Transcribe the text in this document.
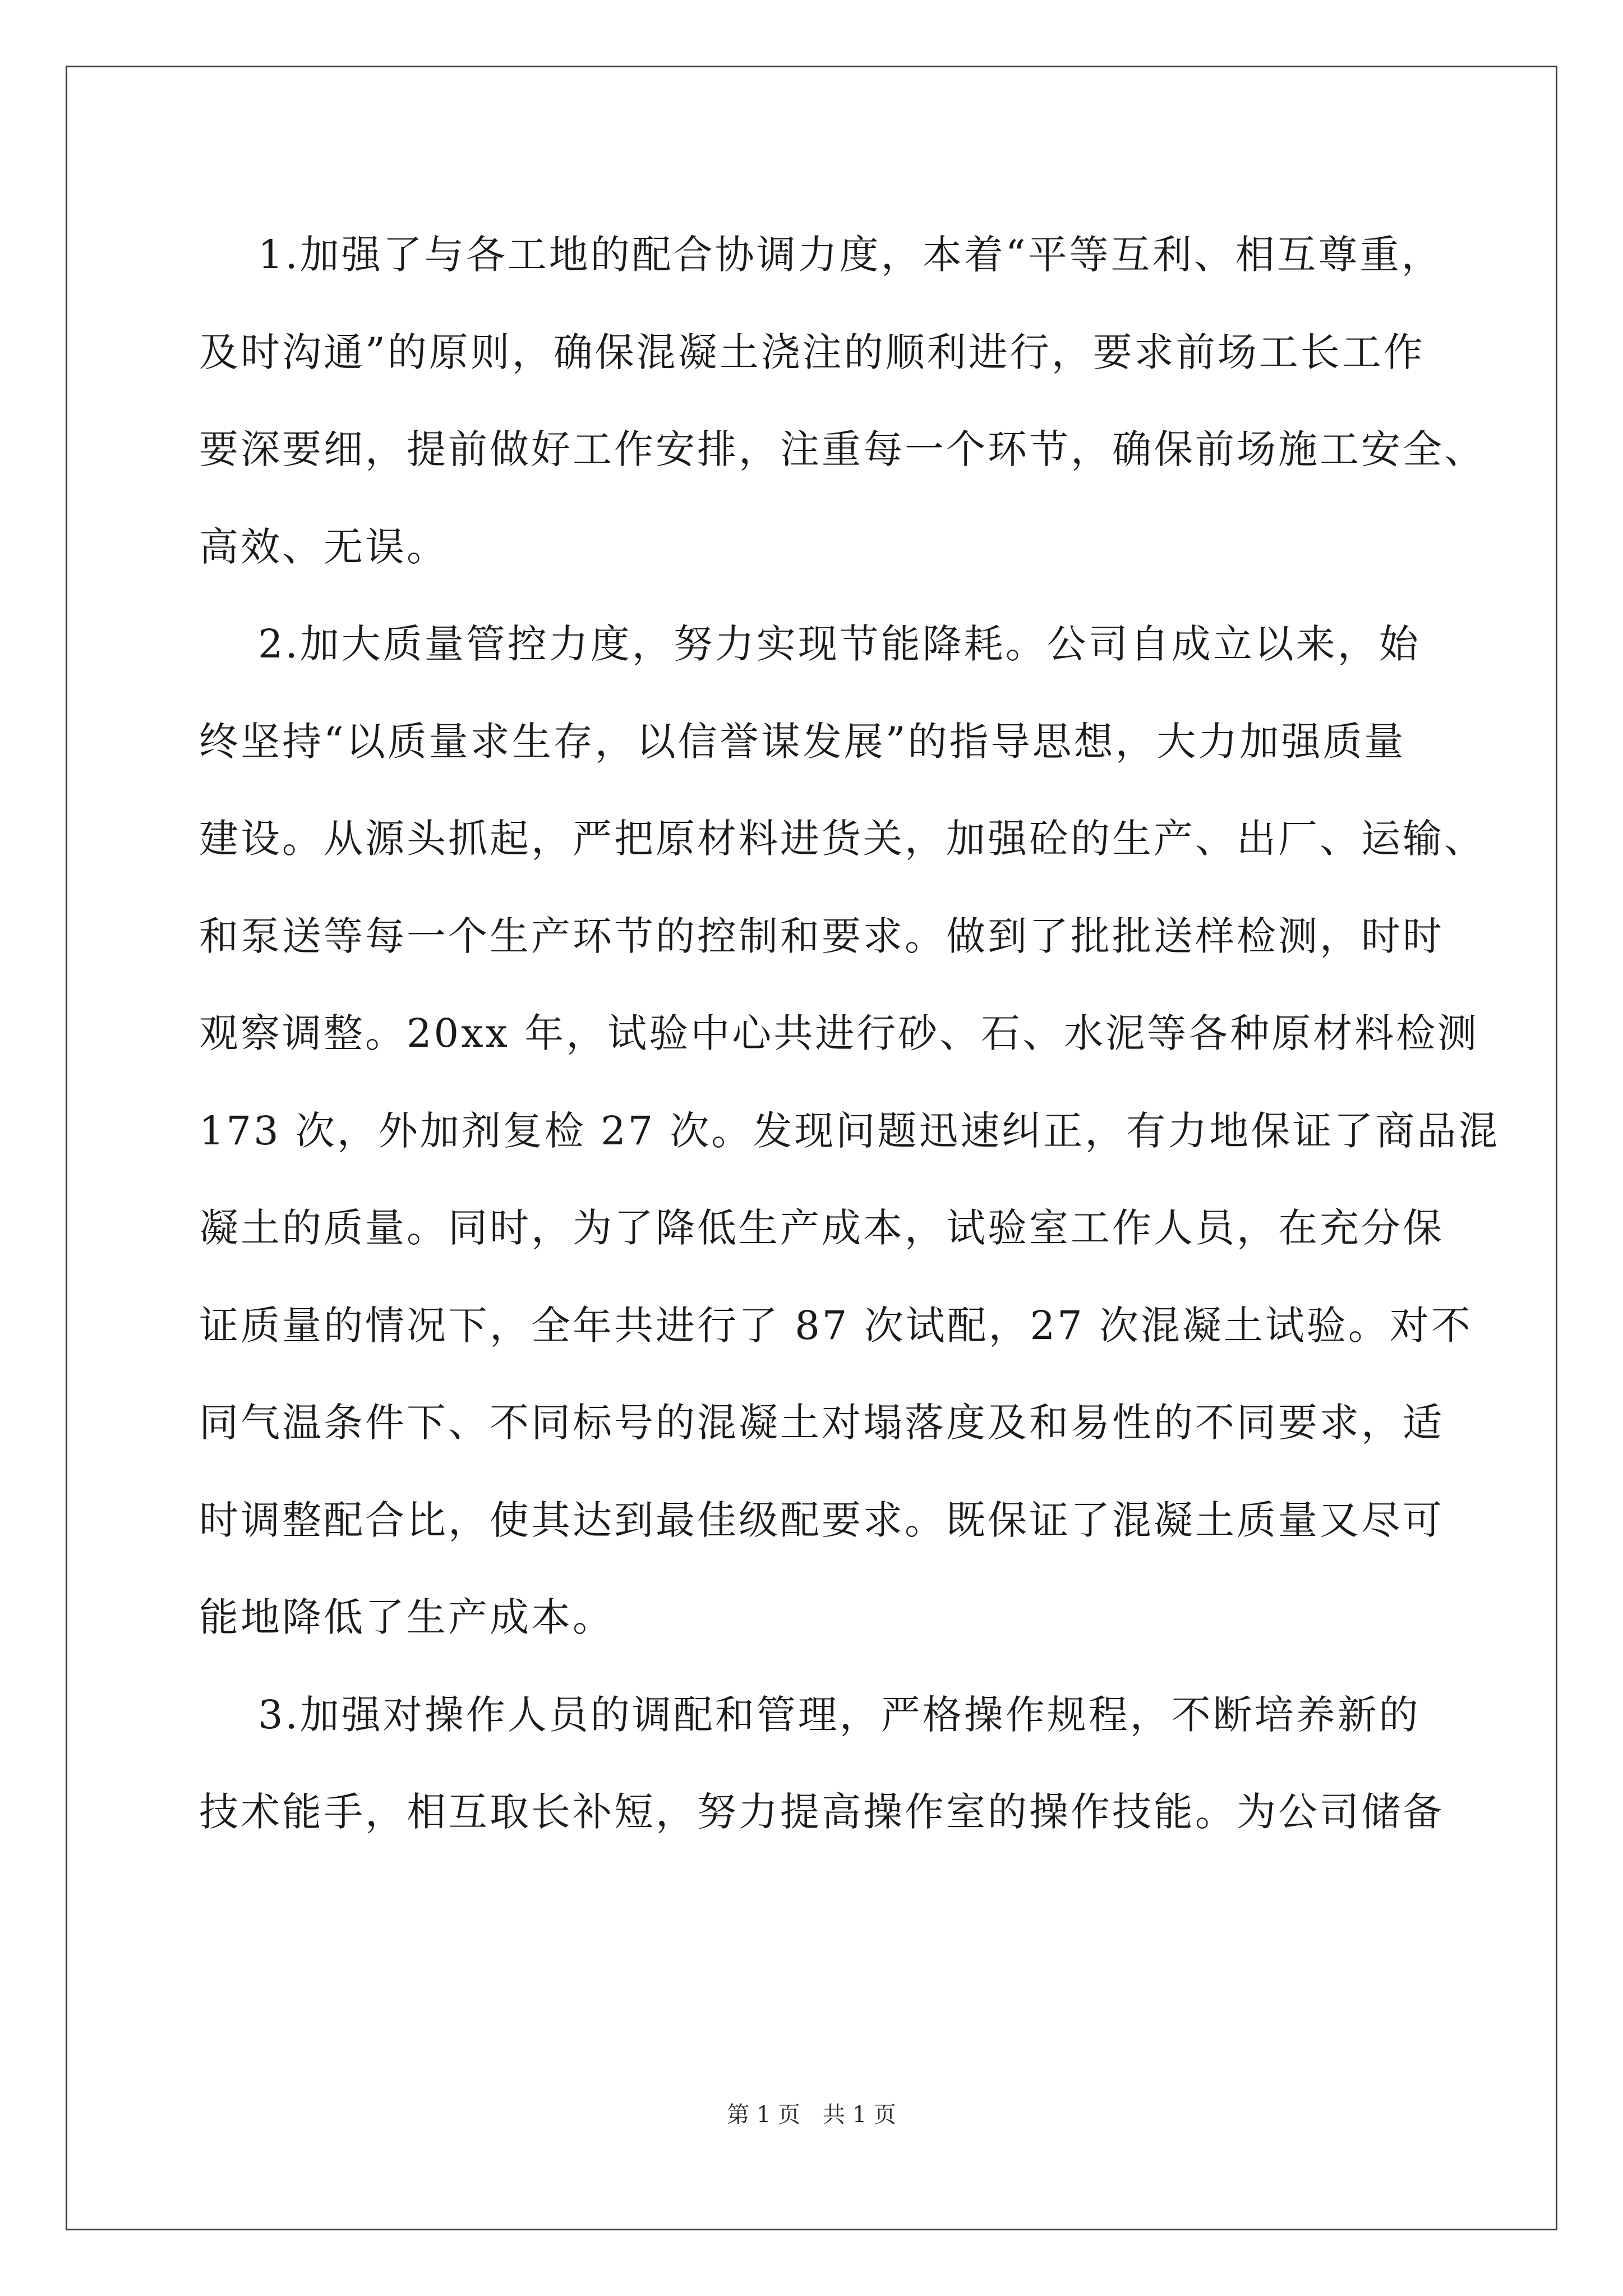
1.加强了与各工地的配合协调力度，本着“平等互利、相互尊重，
及时沟通”的原则，确保混凝土浇注的顺利进行，要求前场工长工作
要深要细，提前做好工作安排，注重每一个环节，确保前场施工安全、
高效、无误。
2.加大质量管控力度，努力实现节能降耗。公司自成立以来，始
终坚持“以质量求生存，以信誉谋发展”的指导思想，大力加强质量
建设。从源头抓起，严把原材料进货关，加强砼的生产、出厂、运输、
和泵送等每一个生产环节的控制和要求。做到了批批送样检测，时时
观察调整。20xx 年，试验中心共进行砂、石、水泥等各种原材料检测
173 次，外加剂复检 27 次。发现问题迅速纠正，有力地保证了商品混
凝土的质量。同时，为了降低生产成本，试验室工作人员，在充分保
证质量的情况下，全年共进行了 87 次试配，27 次混凝土试验。对不
同气温条件下、不同标号的混凝土对塌落度及和易性的不同要求，适
时调整配合比，使其达到最佳级配要求。既保证了混凝土质量又尽可
能地降低了生产成本。
3.加强对操作人员的调配和管理，严格操作规程，不断培养新的
技术能手，相互取长补短，努力提高操作室的操作技能。为公司储备
第 1 页　共 1 页
